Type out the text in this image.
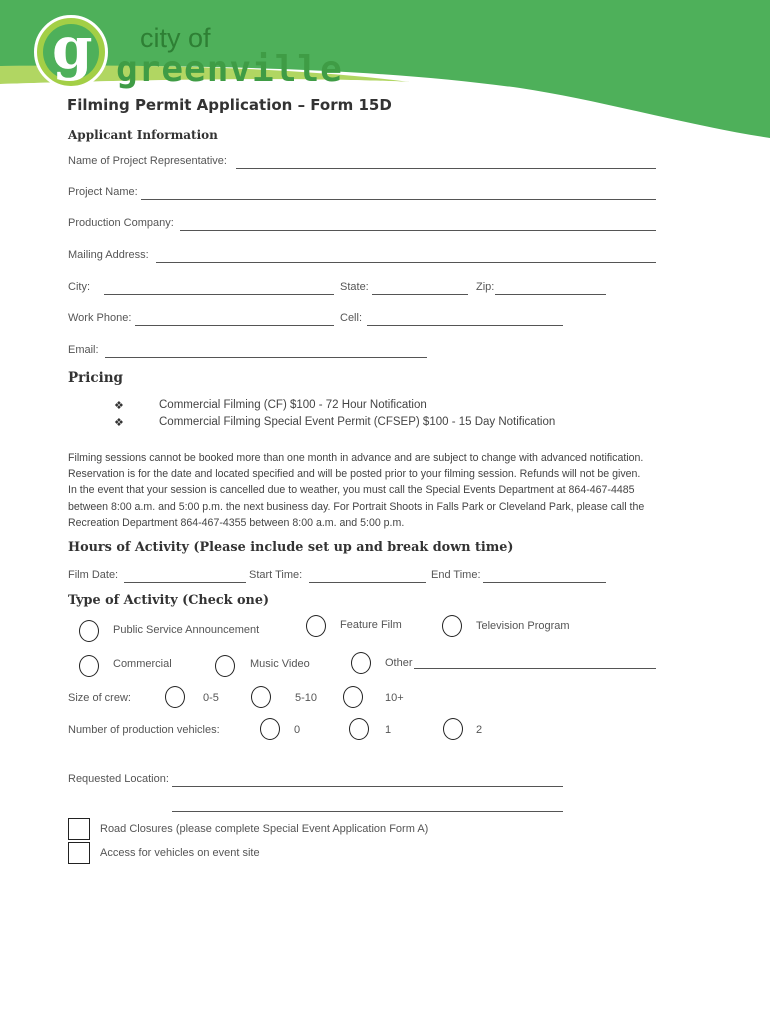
g city of
greenville
Filming Permit Application – Form 15D
Applicant Information
Name of Project Representative:
Project Name:
Production Company:
Mailing Address:
City:	State:	Zip:
Work Phone:	Cell:
Email:
Pricing
❖	Commercial Filming (CF) $100 - 72 Hour Notification
❖	Commercial Filming Special Event Permit (CFSEP) $100 - 15 Day Notification
Filming sessions cannot be booked more than one month in advance and are subject to change with advanced notification.
Reservation is for the date and located specified and will be posted prior to your filming session. Refunds will not be given.
In the event that your session is cancelled due to weather, you must call the Special Events Department at 864-467-4485
between 8:00 a.m. and 5:00 p.m. the next business day. For Portrait Shoots in Falls Park or Cleveland Park, please call the
Recreation Department 864-467-4355 between 8:00 a.m. and 5:00 p.m.
Hours of Activity (Please include set up and break down time)
Film Date:	Start Time:	End Time:
Type of Activity (Check one)
Public Service Announcement	Feature Film	Television Program
Commercial	Music Video	Other
Size of crew:	0-5	5-10	10+
Number of production vehicles:	0	1	2
Requested Location:
Road Closures (please complete Special Event Application Form A)
Access for vehicles on event site
